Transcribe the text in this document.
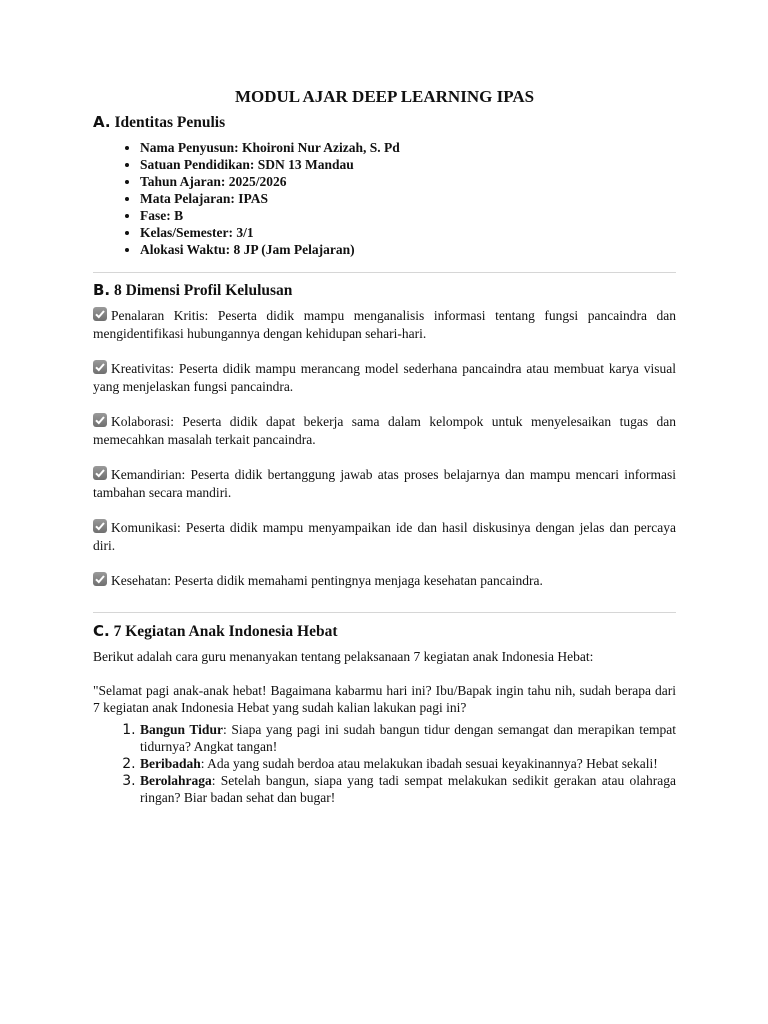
MODUL AJAR DEEP LEARNING IPAS
A. Identitas Penulis
• Nama Penyusun: Khoironi Nur Azizah, S. Pd
• Satuan Pendidikan: SDN 13 Mandau
• Tahun Ajaran: 2025/2026
• Mata Pelajaran: IPAS
• Fase: B
• Kelas/Semester: 3/1
• Alokasi Waktu: 8 JP (Jam Pelajaran)
B. 8 Dimensi Profil Kelulusan

Penalaran Kritis: Peserta didik mampu menganalisis informasi tentang fungsi pancaindra dan mengidentifikasi hubungannya dengan kehidupan sehari-hari.

Kreativitas: Peserta didik mampu merancang model sederhana pancaindra atau membuat karya visual yang menjelaskan fungsi pancaindra.

Kolaborasi: Peserta didik dapat bekerja sama dalam kelompok untuk menyelesaikan tugas dan memecahkan masalah terkait pancaindra.

Kemandirian: Peserta didik bertanggung jawab atas proses belajarnya dan mampu mencari informasi tambahan secara mandiri.

Komunikasi: Peserta didik mampu menyampaikan ide dan hasil diskusinya dengan jelas dan percaya diri.

Kesehatan: Peserta didik memahami pentingnya menjaga kesehatan pancaindra.

C. 7 Kegiatan Anak Indonesia Hebat

Berikut adalah cara guru menanyakan tentang pelaksanaan 7 kegiatan anak Indonesia Hebat:

"Selamat pagi anak-anak hebat! Bagaimana kabarmu hari ini? Ibu/Bapak ingin tahu nih, sudah berapa dari 7 kegiatan anak Indonesia Hebat yang sudah kalian lakukan pagi ini?

1. Bangun Tidur: Siapa yang pagi ini sudah bangun tidur dengan semangat dan merapikan tempat tidurnya? Angkat tangan!
2. Beribadah: Ada yang sudah berdoa atau melakukan ibadah sesuai keyakinannya? Hebat sekali!
3. Berolahraga: Setelah bangun, siapa yang tadi sempat melakukan sedikit gerakan atau olahraga ringan? Biar badan sehat dan bugar!
